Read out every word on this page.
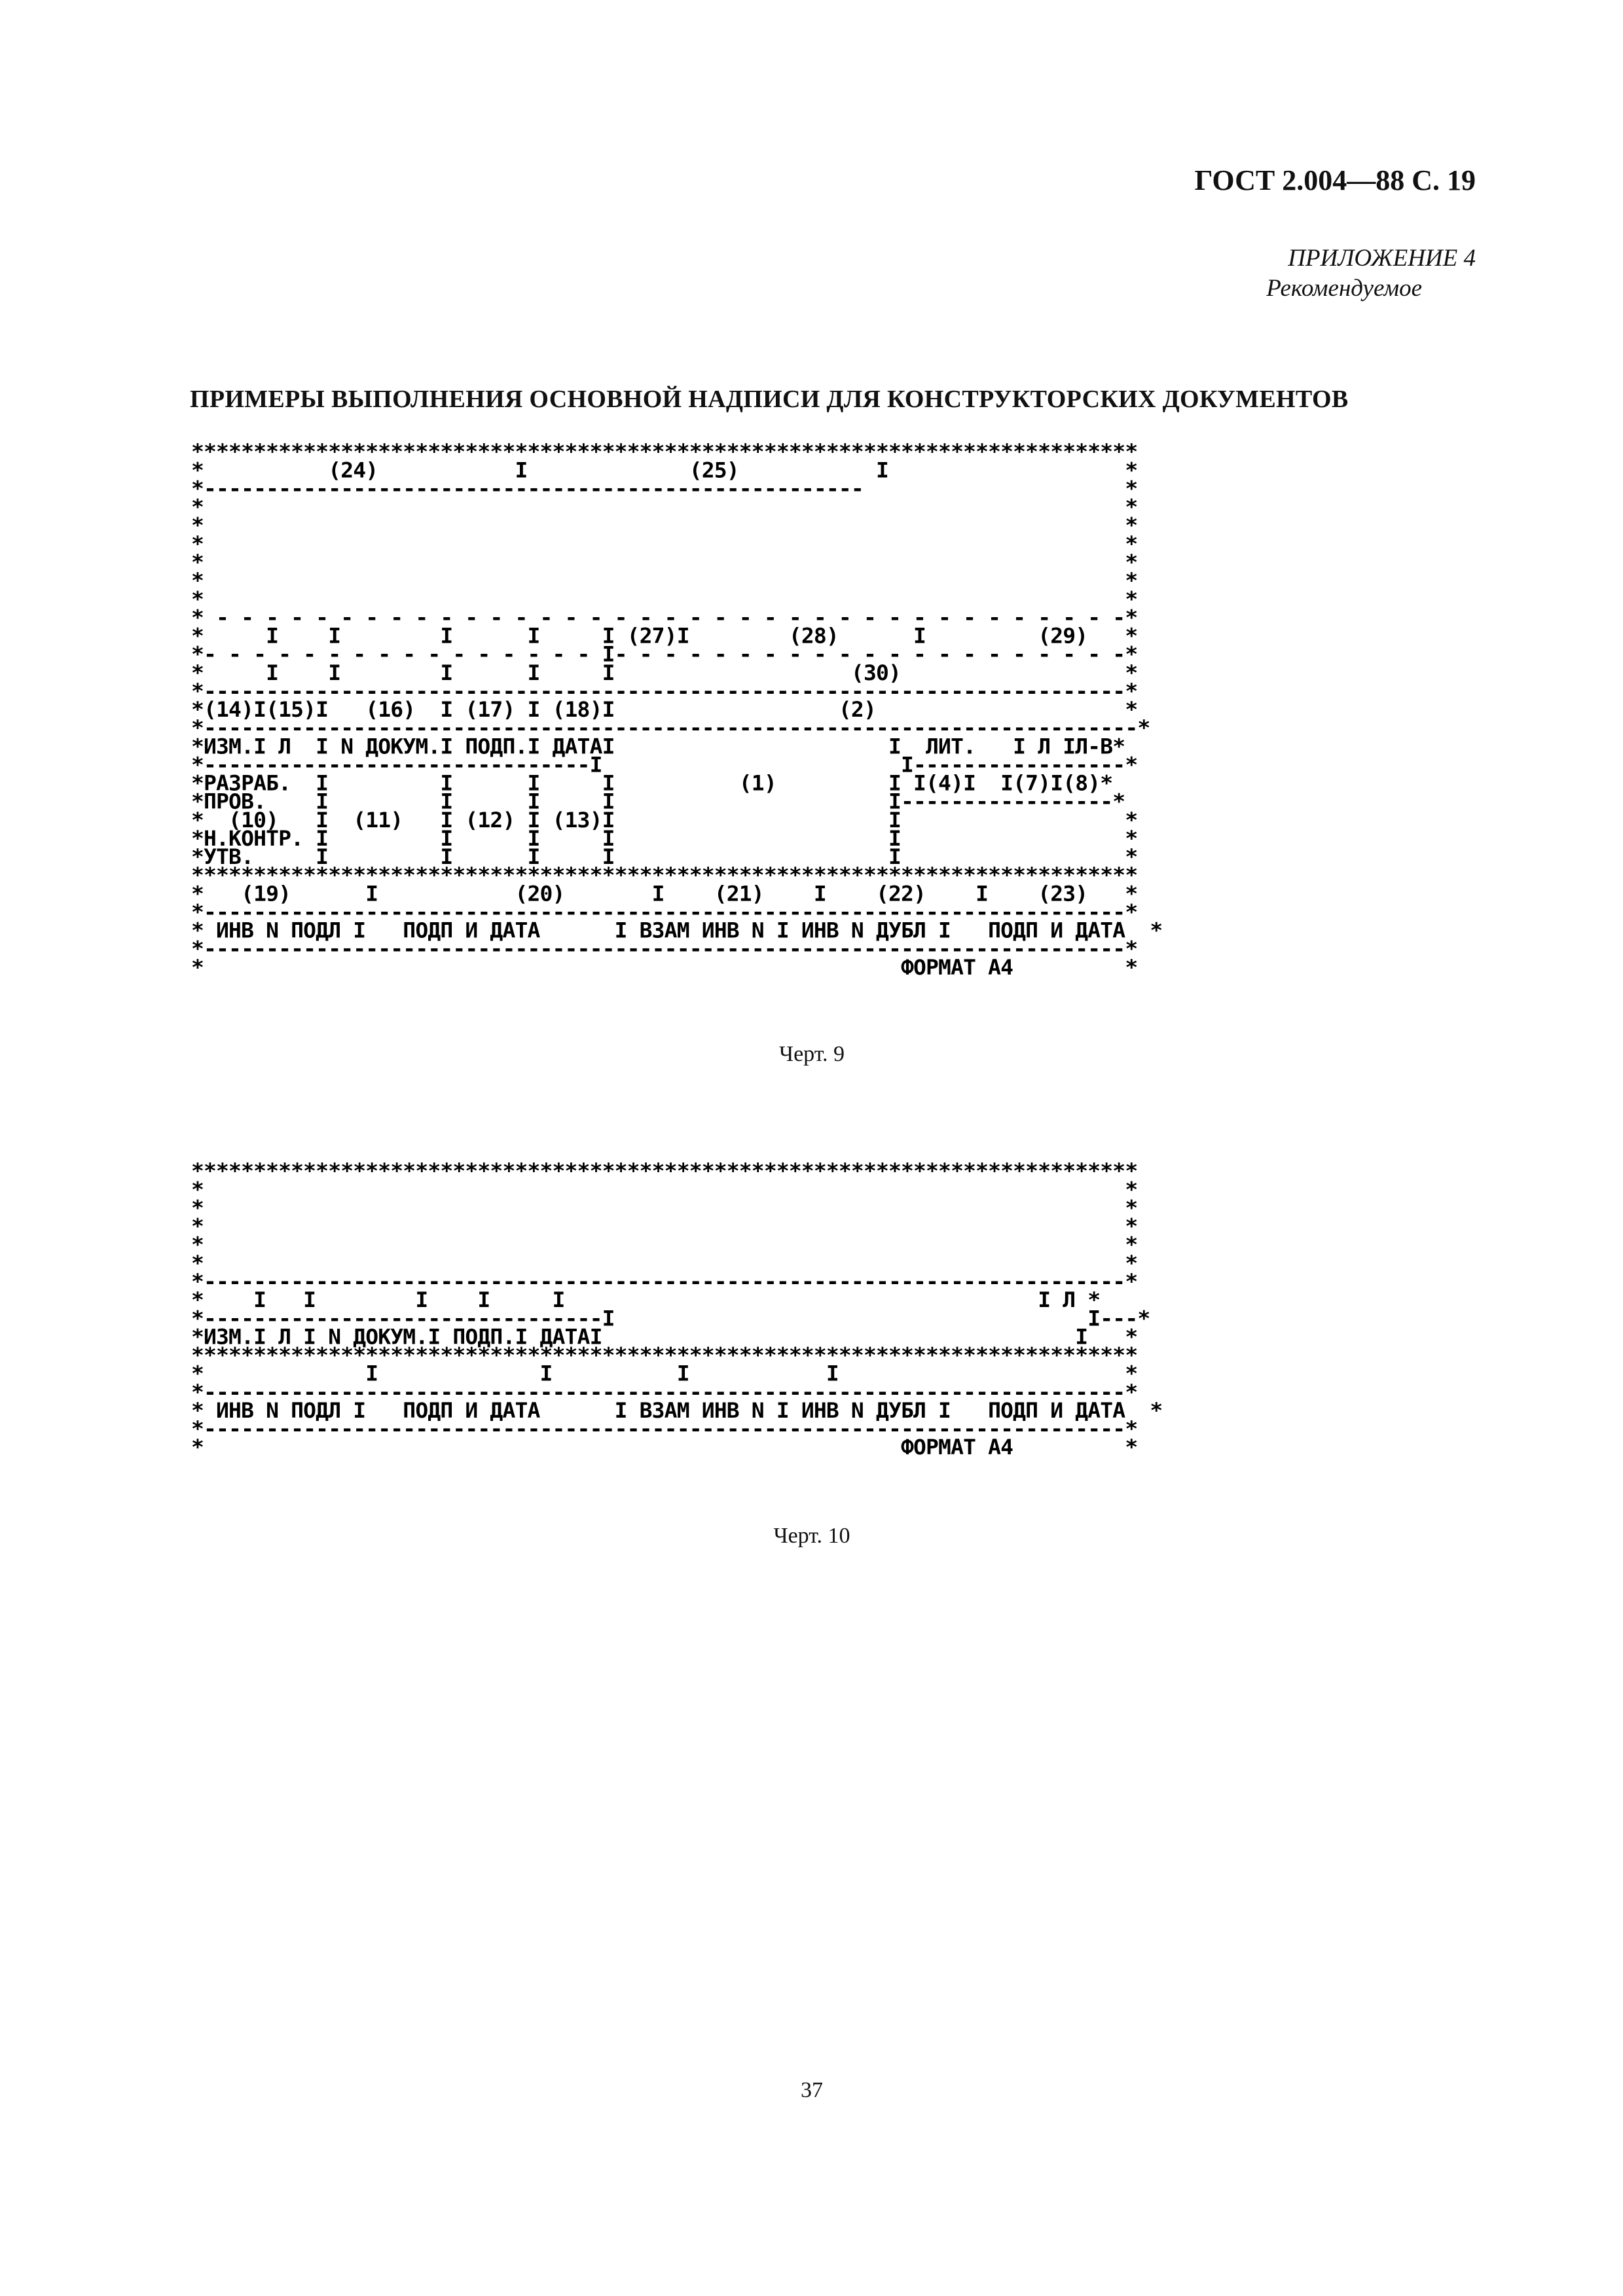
ГОСТ 2.004—88 С. 19
ПРИЛОЖЕНИЕ 4
Рекомендуемое
ПРИМЕРЫ ВЫПОЛНЕНИЯ ОСНОВНОЙ НАДПИСИ ДЛЯ КОНСТРУКТОРСКИХ ДОКУМЕНТОВ
****************************************************************************
*          (24)           I             (25)           I                   *
*-----------------------------------------------------                     *
*                                                                          *
*                                                                          *
*                                                                          *
*                                                                          *
*                                                                          *
*                                                                          *
* - - - - - - - - - - - - - - - - - - - - - - - - - - - - - - - - - - - - -*
*     I    I        I      I     I (27)I        (28)      I         (29)   *
*- - - - - - - - - - - - - - - - I- - - - - - - - - - - - - - - - - - - - -*
*     I    I        I      I     I                   (30)                  *
*--------------------------------------------------------------------------*
*(14)I(15)I   (16)  I (17) I (18)I                  (2)                    *
*---------------------------------------------------------------------------*
*ИЗМ.I Л  I N ДОКУМ.I ПОДП.I ДАТАI                      I  ЛИТ.   I Л IЛ-В*
*-------------------------------I                        I-----------------*
*РАЗРАБ.  I         I      I     I          (1)         I I(4)I  I(7)I(8)*
*ПРОВ.    I         I      I     I                      I-----------------*
*  (10)   I  (11)   I (12) I (13)I                      I                  *
*Н.КОНТР. I         I      I     I                      I                  *
*УТВ.     I         I      I     I                      I                  *
****************************************************************************
*   (19)      I           (20)       I    (21)    I    (22)    I    (23)   *
*--------------------------------------------------------------------------*
* ИНВ N ПОДЛ I   ПОДП И ДАТА      I ВЗАМ ИНВ N I ИНВ N ДУБЛ I   ПОДП И ДАТА  *
*--------------------------------------------------------------------------*
*                                                        ФОРМАТ А4         *
Черт. 9
****************************************************************************
*                                                                          *
*                                                                          *
*                                                                          *
*                                                                          *
*                                                                          *
*--------------------------------------------------------------------------*
*    I   I        I    I     I                                      I Л *
*--------------------------------I                                      I---*
*ИЗМ.I Л I N ДОКУМ.I ПОДП.I ДАТАI                                      I   *
****************************************************************************
*             I             I          I           I                       *
*--------------------------------------------------------------------------*
* ИНВ N ПОДЛ I   ПОДП И ДАТА      I ВЗАМ ИНВ N I ИНВ N ДУБЛ I   ПОДП И ДАТА  *
*--------------------------------------------------------------------------*
*                                                        ФОРМАТ А4         *
Черт. 10
37
